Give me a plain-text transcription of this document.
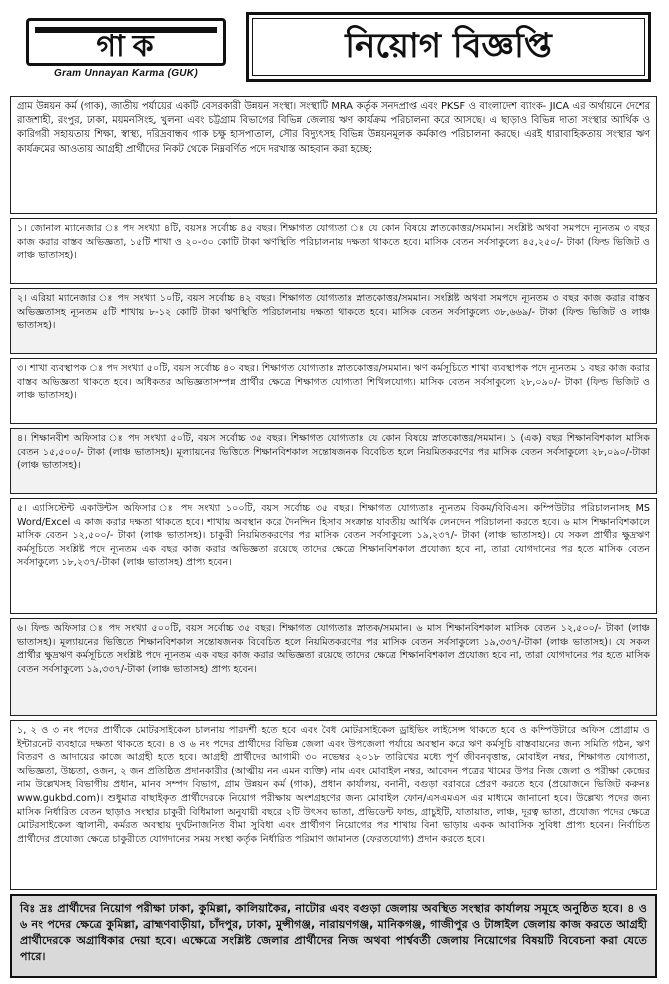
গাক
Gram Unnayan Karma (GUK)
নিয়োগ বিজ্ঞপ্তি
গ্রাম উন্নয়ন কর্ম (গাক), জাতীয় পর্যায়ের একটি বেসরকারী উন্নয়ন সংস্থা। সংস্থাটি MRA কর্তৃক সনদপ্রাপ্ত এবং PKSF ও বাংলাদেশ ব্যাংক- JICA এর অর্থায়নে দেশের রাজশাহী, রংপুর, ঢাকা, ময়মনসিংহ, খুলনা এবং চট্টগ্রাম বিভাগের বিভিন্ন জেলায় ঋণ কার্যক্রম পরিচালনা করে আসছে। এ ছাড়াও বিভিন্ন দাতা সংস্থার আর্থিক ও কারিগরী সহায়তায় শিক্ষা, স্বাস্থ্য, দরিদ্রবান্ধব গাক চক্ষু হাসপাতাল, সৌর বিদ্যুৎসহ বিভিন্ন উন্নয়নমূলক কর্মকাণ্ড পরিচালনা করছে। এরই ধারাবাহিকতায় সংস্থার ঋণ কার্যক্রমের আওতায় আগ্রহী প্রার্থীদের নিকট থেকে নিম্নবর্ণিত পদে দরখাস্ত আহবান করা হচ্ছে:
১। জোনাল ম্যানেজার ঃ পদ সংখ্যা ৪টি, বয়সঃ সর্বোচ্চ ৪৫ বছর। শিক্ষাগত যোগ্যতা ঃ যে কোন বিষয়ে স্নাতকোত্তর/সমমান। সংশ্লিষ্ট অথবা সমপদে ন্যূনতম ৩ বছর কাজ করার বাস্তব অভিজ্ঞতা, ১৫টি শাখা ও ২০-৩০ কোটি টাকা ঋণস্থিতি পরিচালনায় দক্ষতা থাকতে হবে। মাসিক বেতন সর্বসাকুল্যে ৪৫,২৫০/- টাকা (ফিল্ড ভিজিট ও লাঞ্চ ভাতাসহ)।
২। এরিয়া ম্যানেজার ঃ পদ সংখ্যা ১০টি, বয়স সর্বোচ্চ ৪২ বছর। শিক্ষাগত যোগ্যতাঃ স্নাতকোত্তর/সমমান। সংশ্লিষ্ট অথবা সমপদে ন্যূনতম ৩ বছর কাজ করার বাস্তব অভিজ্ঞতাসহ ন্যূনতম ৫টি শাখায় ৮-১২ কোটি টাকা ঋণস্থিতি পরিচালনায় দক্ষতা থাকতে হবে। মাসিক বেতন সর্বসাকুল্যে ৩৮,৬৬৯/- টাকা (ফিল্ড ভিজিট ও লাঞ্চ ভাতাসহ)।
৩। শাখা ব্যবস্থাপক ঃ পদ সংখ্যা ৫০টি, বয়স সর্বোচ্চ ৪০ বছর। শিক্ষাগত যোগ্যতাঃ স্নাতকোত্তর/সমমান। ঋণ কর্মসূচিতে শাখা ব্যবস্থাপক পদে ন্যূনতম ১ বছর কাজ করার বাস্তব অভিজ্ঞতা থাকতে হবে। অধিকতর অভিজ্ঞতাসম্পন্ন প্রার্থীর ক্ষেত্রে শিক্ষাগত যোগ্যতা শিথিলযোগ্য। মাসিক বেতন সর্বসাকুল্যে ২৮,০৯০/- টাকা (ফিল্ড ভিজিট ও লাঞ্চ ভাতাসহ)।
৪। শিক্ষানবীশ অফিসার ঃ পদ সংখ্যা ৫০টি, বয়স সর্বোচ্চ ৩৫ বছর। শিক্ষাগত যোগ্যতাঃ যে কোন বিষয়ে স্নাতকোত্তর/সমমান। ১ (এক) বছর শিক্ষানবিশকাল মাসিক বেতন ১৫,৫০০/- টাকা (লাঞ্চ ভাতাসহ)। মূল্যায়নের ভিত্তিতে শিক্ষানবিশকাল সন্তোষজনক বিবেচিত হলে নিয়মিতকরণের পর মাসিক বেতন সর্বসাকুল্যে ২৮,০৯০/-টাকা (লাঞ্চ ভাতাসহ)।
৫। এ্যাসিস্টেন্ট একাউন্টস অফিসার ঃ পদ সংখ্যা ১০০টি, বয়স সর্বোচ্চ ৩৫ বছর। শিক্ষাগত যোগ্যতাঃ ন্যূনতম বিকম/বিবিএস। কম্পিউটার পরিচালনাসহ MS Word/Excel এ কাজ করার দক্ষতা থাকতে হবে। শাখায় অবস্থান করে দৈনন্দিন হিসাব সংক্রান্ত যাবতীয় আর্থিক লেনদেন পরিচালনা করতে হবে। ৬ মাস শিক্ষানবিশকালে মাসিক বেতন ১২,৫০০/- টাকা (লাঞ্চ ভাতাসহ)। চাকুরী নিয়মিতকরণের পর মাসিক বেতন সর্বসাকুল্যে ১৯,২৩৭/- টাকা (লাঞ্চ ভাতাসহ)। যে সকল প্রার্থীর ক্ষুদ্রঋণ কর্মসূচিতে সংশ্লিষ্ট পদে ন্যূনতম এক বছর কাজ করার অভিজ্ঞতা রয়েছে তাদের ক্ষেত্রে শিক্ষানবিশকাল প্রযোজ্য হবে না, তারা যোগদানের পর হতে মাসিক বেতন সর্বসাকুল্যে ১৮,২৩৭/-টাকা (লাঞ্চ ভাতাসহ) প্রাপ্য হবেন।
৬। ফিল্ড অফিসার ঃ পদ সংখ্যা ৫০০টি, বয়স সর্বোচ্চ ৩৫ বছর। শিক্ষাগত যোগ্যতাঃ স্নাতক/সমমান। ৬ মাস শিক্ষানবিশকাল মাসিক বেতন ১২,৫০০/- টাকা (লাঞ্চ ভাতাসহ)। মূল্যায়নের ভিত্তিতে শিক্ষানবিশকাল সন্তোষজনক বিবেচিত হলে নিয়মিতকরণের পর মাসিক বেতন সর্বসাকুল্যে ১৯,৩৩৭/-টাকা (লাঞ্চ ভাতাসহ)। যে সকল প্রার্থীর ক্ষুদ্রঋণ কর্মসূচিতে সংশ্লিষ্ট পদে ন্যূনতম এক বছর কাজ করার অভিজ্ঞতা রয়েছে তাদের ক্ষেত্রে শিক্ষানবিশকাল প্রযোজ্য হবে না, তারা যোগদানের পর হতে মাসিক বেতন সর্বসাকুল্যে ১৯,৩৩৭/-টাকা (লাঞ্চ ভাতাসহ) প্রাপ্য হবেন।
১, ২ ও ৩ নং পদের প্রার্থীকে মোটরসাইকেল চালনায় পারদর্শী হতে হবে এবং বৈধ মোটরসাইকেল ড্রাইভিং লাইসেন্স থাকতে হবে ও কম্পিউটারে অফিস প্রোগ্রাম ও ইন্টারনেট ব্যবহারে দক্ষতা থাকতে হবে। ৪ ও ৬ নং পদের প্রার্থীদের বিভিন্ন জেলা এবং উপজেলা পর্যায়ে অবস্থান করে ঋণ কর্মসূচি বাস্তবায়নের জন্য সমিতি গঠন, ঋণ বিতরণ ও আদায়ের কাজে আগ্রহী হতে হবে। আগ্রহী প্রার্থীদের আগামী ৩০ নভেম্বর ২০১৮ তারিখের মধ্যে পূর্ণ জীবনবৃত্তান্ত, মোবাইল নম্বর, শিক্ষাগত যোগ্যতা, অভিজ্ঞতা, উচ্চতা, ওজন, ২ জন প্রতিষ্ঠিত প্রদানকারীর (আত্মীয় নন এমন ব্যক্তি) নাম এবং মোবাইল নম্বর, আবেদন পত্রের খামের উপর নিজ জেলা ও পরীক্ষা কেন্দ্রের নাম উল্লেখসহ বিভাগীয় প্রধান, মানব সম্পদ বিভাগ, গ্রাম উন্নয়ন কর্ম (গাক), প্রধান কার্যালয়, বনানী, বগুড়া বরাবরে প্রেরণ করতে হবে (প্রয়োজনে ভিজিট করুনঃ www.gukbd.com)। শুধুমাত্র বাছাইকৃত প্রার্থীদেরকে নিয়োগ পরীক্ষায় অংশগ্রহণের জন্য মোবাইল ফোন/এসএমএস এর মাধ্যমে জানানো হবে। উল্লেখ্য পদের জন্য মাসিক নির্ধারিত বেতন ছাড়াও সংস্থার চাকুরী বিধিমালা অনুযায়ী বছরে ২টি উৎসব ভাতা, প্রভিডেন্ট ফান্ড, গ্রাচুইটি, যাতায়াত, লাঞ্চ, দূরত্ব ভাতা, প্রযোজ্য পদের ক্ষেত্রে মোটরসাইকেল জ্বালানী, কর্মরত অবস্থায় দুর্ঘটনাজনিত বীমা সুবিধা এবং প্রার্থীগণ নিয়োগের পর শাখায় বিনা ভাড়ায় একক আবাসিক সুবিধা প্রাপ্য হবেন। নির্বাচিত প্রার্থীদের প্রযোজ্য ক্ষেত্রে চাকুরীতে যোগদানের সময় সংস্থা কর্তৃক নির্ধারিত পরিমাণ জামানত (ফেরতযোগ্য) প্রদান করতে হবে।
বিঃ দ্রঃ প্রার্থীদের নিয়োগ পরীক্ষা ঢাকা, কুমিল্লা, কালিয়াকৈর, নাটোর এবং বগুড়া জেলায় অবস্থিত সংস্থার কার্যালয় সমূহে অনুষ্ঠিত হবে। ৪ ও ৬ নং পদের ক্ষেত্রে কুমিল্লা, ব্রাহ্মণবাড়ীয়া, চাঁদপুর, ঢাকা, মুন্সীগঞ্জ, নারায়ণগঞ্জ, মানিকগঞ্জ, গাজীপুর ও টাঙ্গাইল জেলায় কাজ করতে আগ্রহী প্রার্থীদেরকে অগ্রাধিকার দেয়া হবে। এক্ষেত্রে সংশ্লিষ্ট জেলার প্রার্থীদের নিজ অথবা পার্শ্ববর্তী জেলায় নিয়োগের বিষয়টি বিবেচনা করা যেতে পারে।
